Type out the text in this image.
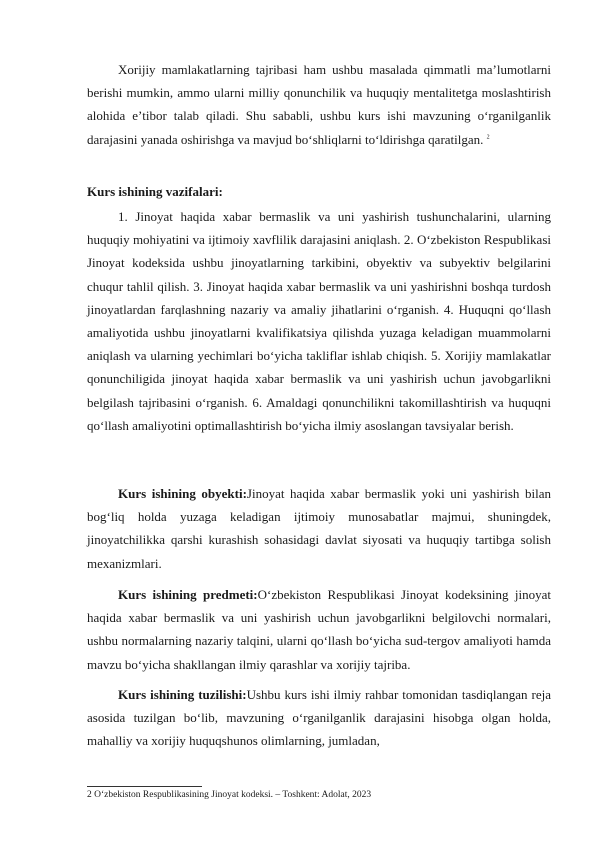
Xorijiy mamlakatlarning tajribasi ham ushbu masalada qimmatli maʼlumotlarni berishi mumkin, ammo ularni milliy qonunchilik va huquqiy mentalitetga moslashtirish alohida eʼtibor talab qiladi. Shu sababli, ushbu kurs ishi mavzuning oʻrganilganlik darajasini yanada oshirishga va mavjud boʻshliqlarni toʻldirishga qaratilgan. $^2$

Kurs ishining vazifalari:

1. Jinoyat haqida xabar bermaslik va uni yashirish tushunchalarini, ularning huquqiy mohiyatini va ijtimoiy xavflilik darajasini aniqlash. 2. Oʻzbekiston Respublikasi Jinoyat kodeksida ushbu jinoyatlarning tarkibini, obyektiv va subyektiv belgilarini chuqur tahlil qilish. 3. Jinoyat haqida xabar bermaslik va uni yashirishni boshqa turdosh jinoyatlardan farqlashning nazariy va amaliy jihatlarini oʻrganish. 4. Huquqni qoʻllash amaliyotida ushbu jinoyatlarni kvalifikatsiya qilishda yuzaga keladigan muammolarni aniqlash va ularning yechimlari boʻyicha takliflar ishlab chiqish. 5. Xorijiy mamlakatlar qonunchiligida jinoyat haqida xabar bermaslik va uni yashirish uchun javobgarlikni belgilash tajribasini oʻrganish. 6. Amaldagi qonunchilikni takomillashtirish va huquqni qoʻllash amaliyotini optimallashtirish boʻyicha ilmiy asoslangan tavsiyalar berish.

Kurs ishining obyekti:Jinoyat haqida xabar bermaslik yoki uni yashirish bilan bogʻliq holda yuzaga keladigan ijtimoiy munosabatlar majmui, shuningdek, jinoyatchilikka qarshi kurashish sohasidagi davlat siyosati va huquqiy tartibga solish mexanizmlari.

Kurs ishining predmeti:Oʻzbekiston Respublikasi Jinoyat kodeksining jinoyat haqida xabar bermaslik va uni yashirish uchun javobgarlikni belgilovchi normalari, ushbu normalarning nazariy talqini, ularni qoʻllash boʻyicha sud-tergov amaliyoti hamda mavzu boʻyicha shakllangan ilmiy qarashlar va xorijiy tajriba.

Kurs ishining tuzilishi:Ushbu kurs ishi ilmiy rahbar tomonidan tasdiqlangan reja asosida tuzilgan boʻlib, mavzuning oʻrganilganlik darajasini hisobga olgan holda, mahalliy va xorijiy huquqshunos olimlarning, jumladan,

2 Oʻzbekiston Respublikasining Jinoyat kodeksi. – Toshkent: Adolat, 2023
